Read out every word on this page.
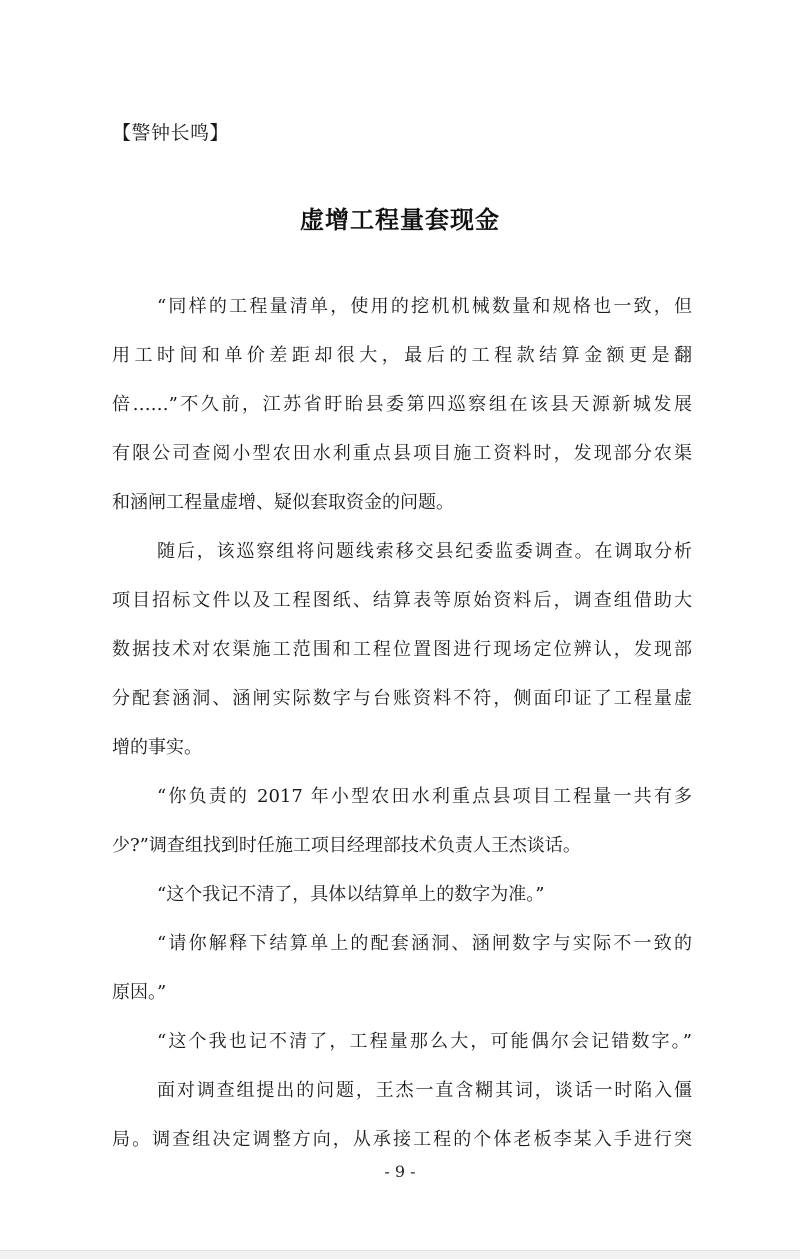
【警钟长鸣】
虚增工程量套现金
“同样的工程量清单，使用的挖机机械数量和规格也一致，但
用工时间和单价差距却很大，最后的工程款结算金额更是翻
倍……”不久前，江苏省盱眙县委第四巡察组在该县天源新城发展
有限公司查阅小型农田水利重点县项目施工资料时，发现部分农渠
和涵闸工程量虚增、疑似套取资金的问题。
随后，该巡察组将问题线索移交县纪委监委调查。在调取分析
项目招标文件以及工程图纸、结算表等原始资料后，调查组借助大
数据技术对农渠施工范围和工程位置图进行现场定位辨认，发现部
分配套涵洞、涵闸实际数字与台账资料不符，侧面印证了工程量虚
增的事实。
“你负责的 2017 年小型农田水利重点县项目工程量一共有多
少?”调查组找到时任施工项目经理部技术负责人王杰谈话。
“这个我记不清了，具体以结算单上的数字为准。”
“请你解释下结算单上的配套涵洞、涵闸数字与实际不一致的
原因。”
“这个我也记不清了，工程量那么大，可能偶尔会记错数字。”
面对调查组提出的问题，王杰一直含糊其词，谈话一时陷入僵
局。调查组决定调整方向，从承接工程的个体老板李某入手进行突
- 9 -
